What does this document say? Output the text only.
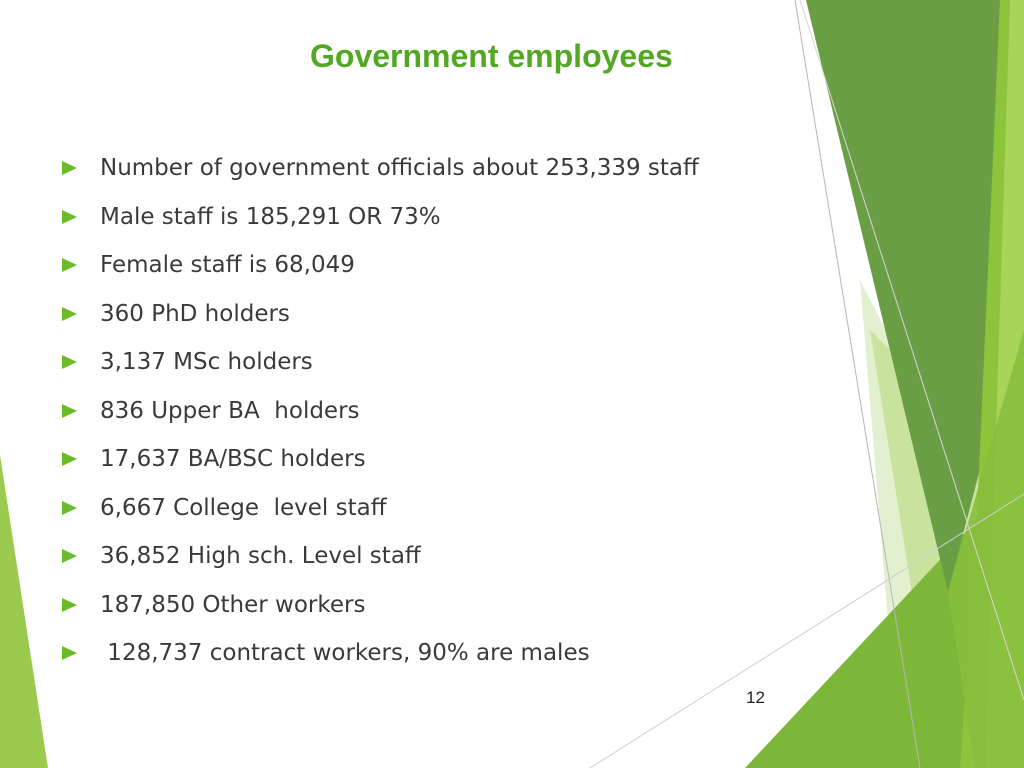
Government employees
Number of government officials about 253,339 staff
Male staff is 185,291 OR 73%
Female staff is 68,049
360 PhD holders
3,137 MSc holders
836 Upper BA  holders
17,637 BA/BSC holders
6,667 College  level staff
36,852 High sch. Level staff
187,850 Other workers
128,737 contract workers, 90% are males
12
